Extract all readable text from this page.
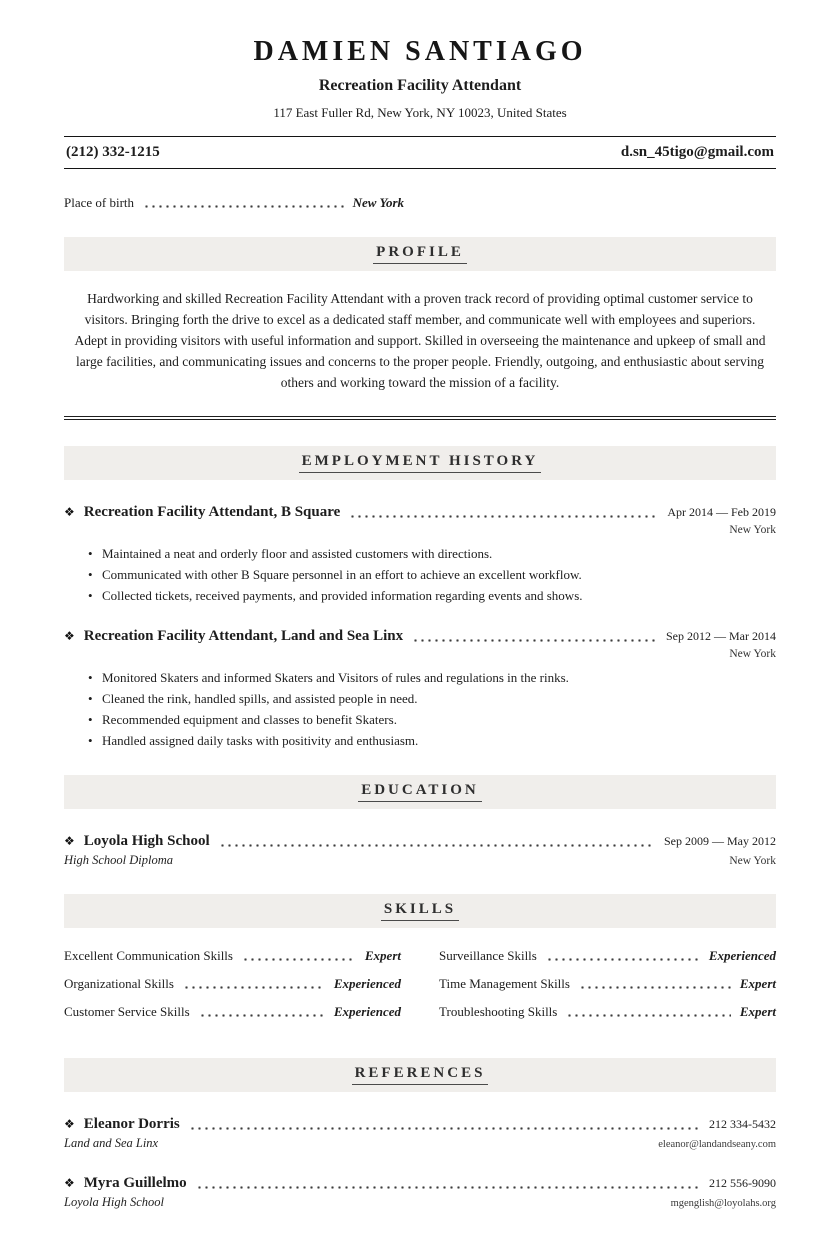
DAMIEN SANTIAGO
Recreation Facility Attendant
117 East Fuller Rd, New York, NY 10023, United States
(212) 332-1215	d.sn_45tigo@gmail.com
Place of birth	New York
PROFILE

Hardworking and skilled Recreation Facility Attendant with a proven track record of providing optimal customer service to visitors. Bringing forth the drive to excel as a dedicated staff member, and communicate well with employees and superiors. Adept in providing visitors with useful information and support. Skilled in overseeing the maintenance and upkeep of small and large facilities, and communicating issues and concerns to the proper people. Friendly, outgoing, and enthusiastic about serving others and working toward the mission of a facility.

EMPLOYMENT HISTORY
❖ Recreation Facility Attendant, B Square	Apr 2014 — Feb 2019
New York
• Maintained a neat and orderly floor and assisted customers with directions.
• Communicated with other B Square personnel in an effort to achieve an excellent workflow.
• Collected tickets, received payments, and provided information regarding events and shows.
❖ Recreation Facility Attendant, Land and Sea Linx	Sep 2012 — Mar 2014
New York
• Monitored Skaters and informed Skaters and Visitors of rules and regulations in the rinks.
• Cleaned the rink, handled spills, and assisted people in need.
• Recommended equipment and classes to benefit Skaters.
• Handled assigned daily tasks with positivity and enthusiasm.
EDUCATION
❖ Loyola High School	Sep 2009 — May 2012
High School Diploma	New York
SKILLS
Excellent Communication Skills	Expert	Surveillance Skills	Experienced
Organizational Skills	Experienced	Time Management Skills	Expert
Customer Service Skills	Experienced	Troubleshooting Skills	Expert
REFERENCES
❖ Eleanor Dorris	212 334-5432
Land and Sea Linx	eleanor@landandseany.com
❖ Myra Guillelmo	212 556-9090
Loyola High School	mgenglish@loyolahs.org
